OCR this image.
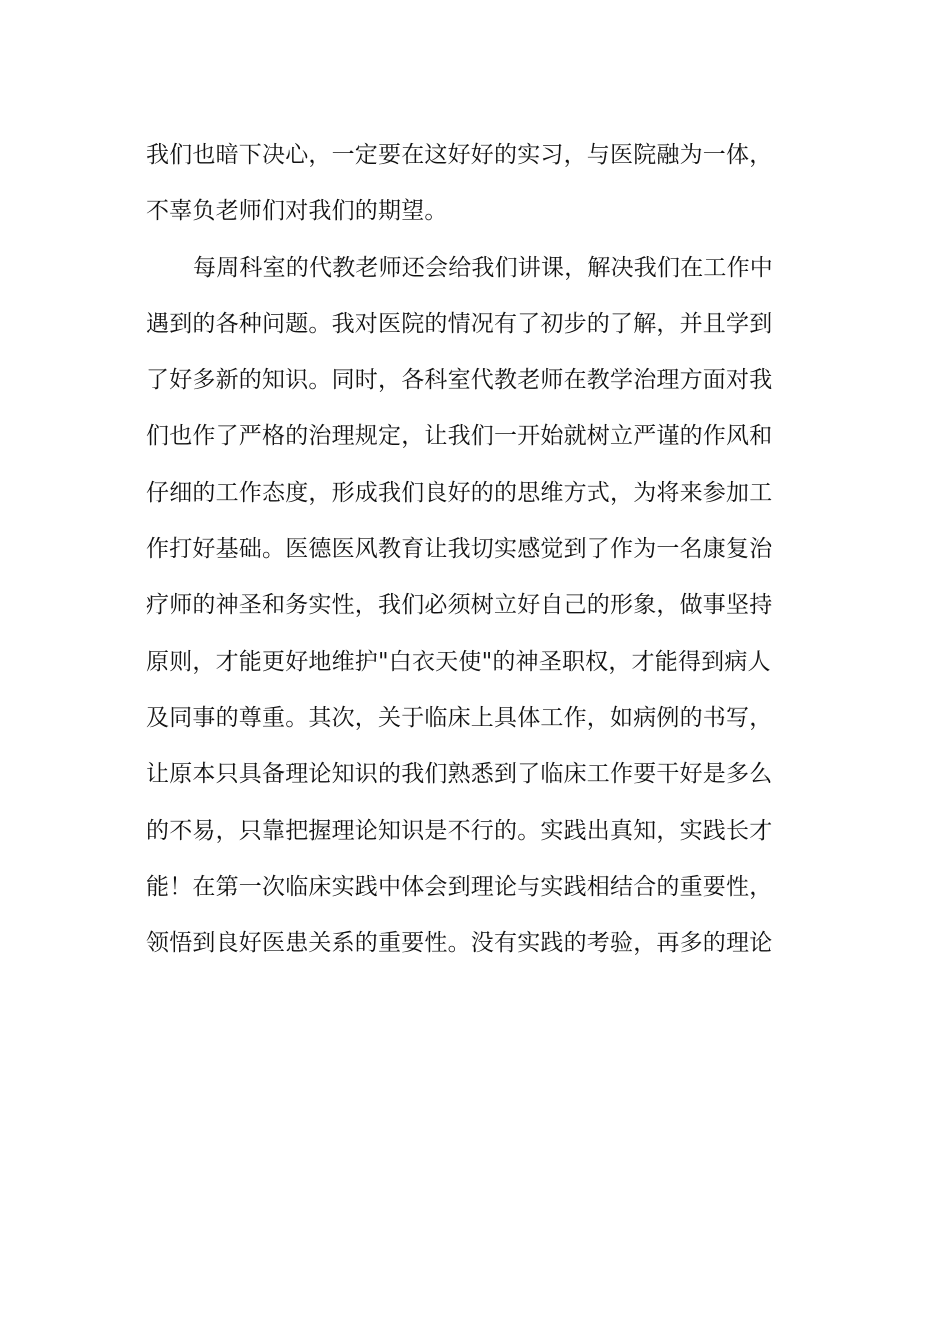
我们也暗下决心，一定要在这好好的实习，与医院融为一体，
不辜负老师们对我们的期望。
每周科室的代教老师还会给我们讲课，解决我们在工作中
遇到的各种问题。我对医院的情况有了初步的了解，并且学到
了好多新的知识。同时，各科室代教老师在教学治理方面对我
们也作了严格的治理规定，让我们一开始就树立严谨的作风和
仔细的工作态度，形成我们良好的的思维方式，为将来参加工
作打好基础。医德医风教育让我切实感觉到了作为一名康复治
疗师的神圣和务实性，我们必须树立好自己的形象，做事坚持
原则，才能更好地维护"白衣天使"的神圣职权，才能得到病人
及同事的尊重。其次，关于临床上具体工作，如病例的书写，
让原本只具备理论知识的我们熟悉到了临床工作要干好是多么
的不易，只靠把握理论知识是不行的。实践出真知，实践长才
能！在第一次临床实践中体会到理论与实践相结合的重要性，
领悟到良好医患关系的重要性。没有实践的考验，再多的理论
